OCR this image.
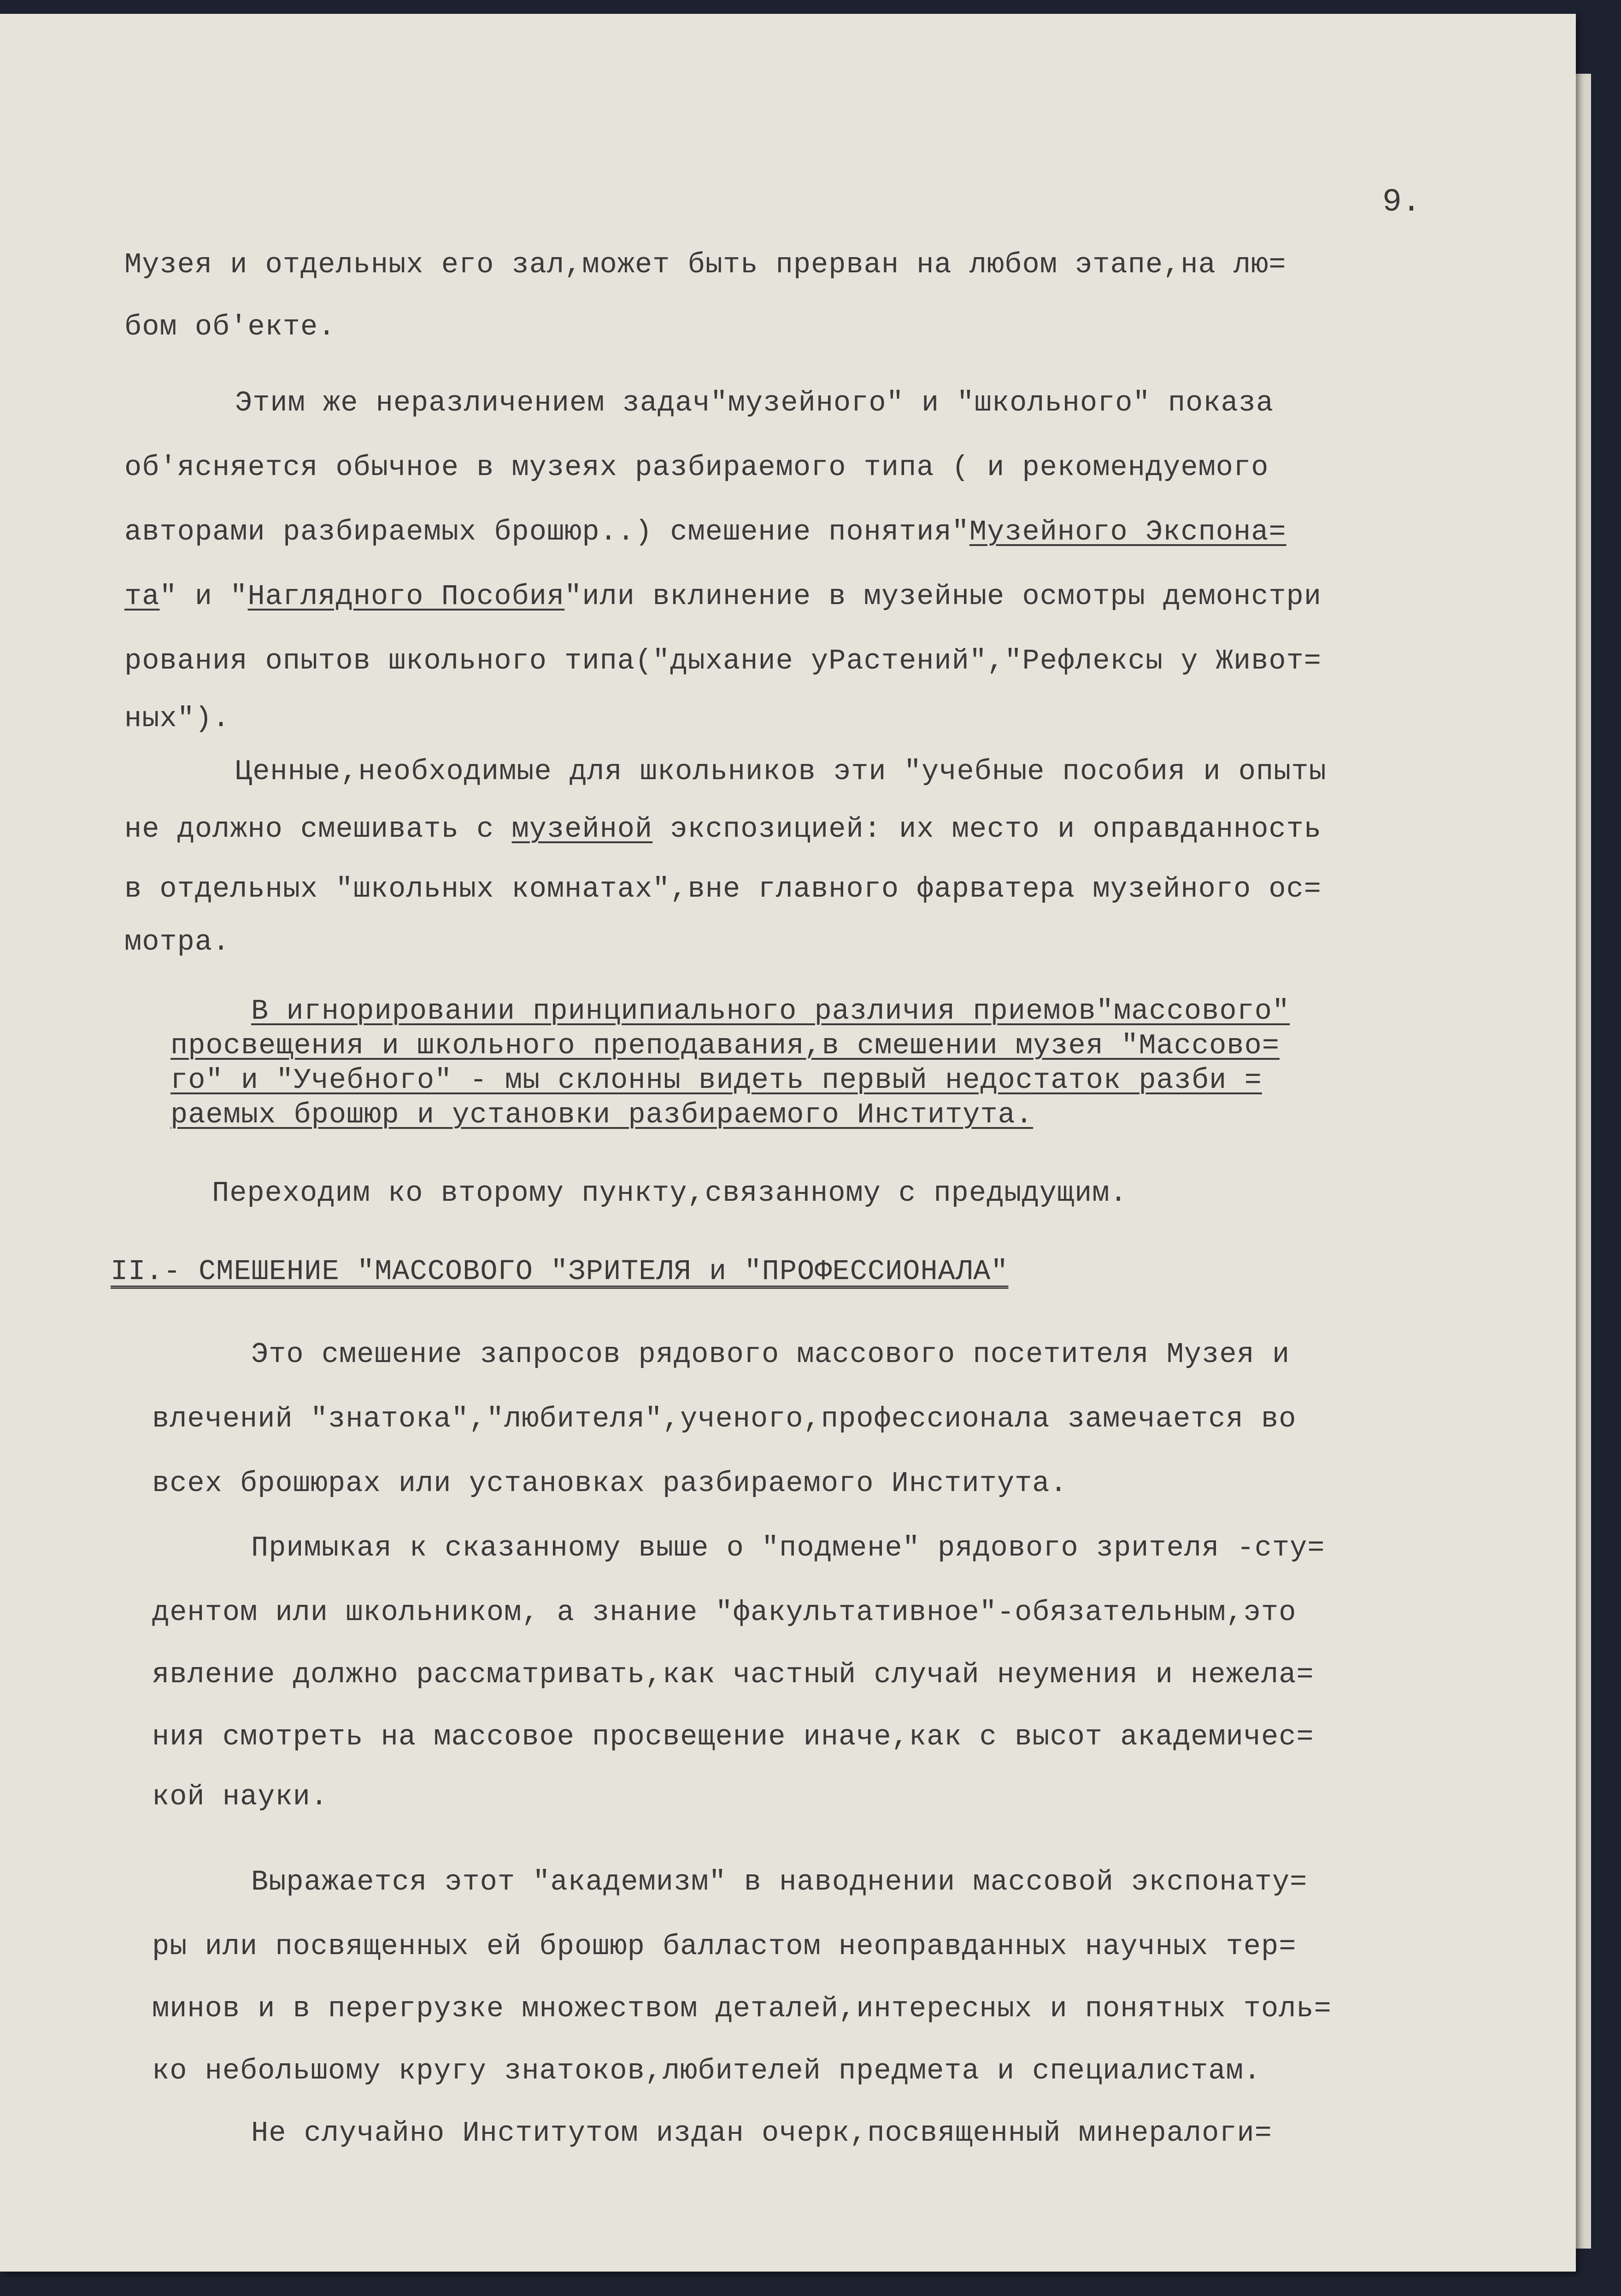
9.
Музея и отдельных его зал,может быть прерван на любом этапе,на лю=
бом об'екте.
Этим же неразличением задач"музейного" и "школьного" показа
об'ясняется обычное в музеях разбираемого типа ( и рекомендуемого
авторами разбираемых брошюр..) смешение понятия"Музейного Экспона=
та" и "Наглядного Пособия"или вклинение в музейные осмотры демонстри
рования опытов школьного типа("дыхание уРастений","Рефлексы у Живот=
ных").
Ценные,необходимые для школьников эти "учебные пособия и опыты
не должно смешивать с музейной экспозицией: их место и оправданность
в отдельных "школьных комнатах",вне главного фарватера музейного ос=
мотра.
В игнорировании принципиального различия приемов"массового"
просвещения и школьного преподавания,в смешении музея "Массово=
го" и "Учебного" - мы склонны видеть первый недостаток разби =
раемых брошюр и установки разбираемого Института.
Переходим ко второму пункту,связанному с предыдущим.
II.- СМЕШЕНИЕ "МАССОВОГО "ЗРИТЕЛЯ и "ПРОФЕССИОНАЛА"
Это смешение запросов рядового массового посетителя Музея и
влечений "знатока","любителя",ученого,профессионала замечается во
всех брошюрах или установках разбираемого Института.
Примыкая к сказанному выше о "подмене" рядового зрителя -сту=
дентом или школьником, а знание "факультативное"-обязательным,это
явление должно рассматривать,как частный случай неумения и нежела=
ния смотреть на массовое просвещение иначе,как с высот академичес=
кой науки.
Выражается этот "академизм" в наводнении массовой экспонату=
ры или посвященных ей брошюр балластом неоправданных научных тер=
минов и в перегрузке множеством деталей,интересных и понятных толь=
ко небольшому кругу знатоков,любителей предмета и специалистам.
Не случайно Институтом издан очерк,посвященный минералоги=
